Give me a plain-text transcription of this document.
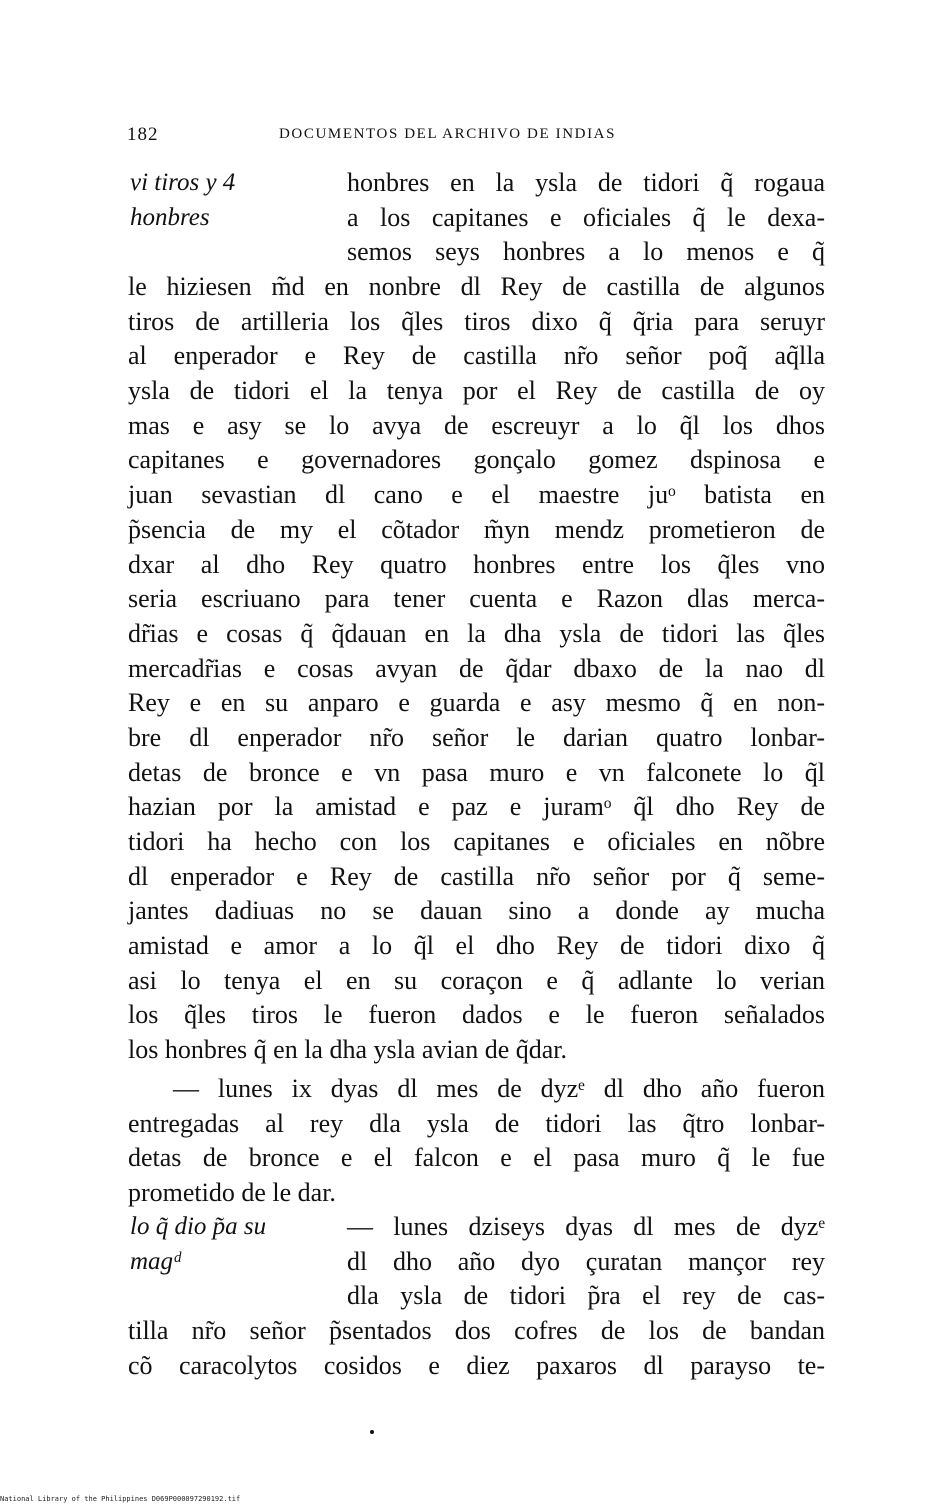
182	DOCUMENTOS DEL ARCHIVO DE INDIAS
vi tiros y 4
honbres
honbres en la ysla de tidori q̃ rogaua
a los capitanes e oficiales q̃ le dexa-
semos seys honbres a lo menos e q̃
le hiziesen m̃d en nonbre dl Rey de castilla de algunos
tiros de artilleria los q̃les tiros dixo q̃ q̃ria para seruyr
al enperador e Rey de castilla nr̃o señor poq̃ aq̃lla
ysla de tidori el la tenya por el Rey de castilla de oy
mas e asy se lo avya de escreuyr a lo q̃l los dhos
capitanes e governadores gonçalo gomez dspinosa e
juan sevastian dl cano e el maestre juᵒ batista en
p̃sencia de my el cõtador m̃yn mendz prometieron de
dxar al dho Rey quatro honbres entre los q̃les vno
seria escriuano para tener cuenta e Razon dlas merca-
dr̃ias e cosas q̃ q̃dauan en la dha ysla de tidori las q̃les
mercadr̃ias e cosas avyan de q̃dar dbaxo de la nao dl
Rey e en su anparo e guarda e asy mesmo q̃ en non-
bre dl enperador nr̃o señor le darian quatro lonbar-
detas de bronce e vn pasa muro e vn falconete lo q̃l
hazian por la amistad e paz e juramᵒ q̃l dho Rey de
tidori ha hecho con los capitanes e oficiales en nõbre
dl enperador e Rey de castilla nr̃o señor por q̃ seme-
jantes dadiuas no se dauan sino a donde ay mucha
amistad e amor a lo q̃l el dho Rey de tidori dixo q̃
asi lo tenya el en su coraçon e q̃ adlante lo verian
los q̃les tiros le fueron dados e le fueron señalados
los honbres q̃ en la dha ysla avian de q̃dar.
— lunes ix dyas dl mes de dyzᵉ dl dho año fueron
entregadas al rey dla ysla de tidori las q̃tro lonbar-
detas de bronce e el falcon e el pasa muro q̃ le fue
prometido de le dar.
lo q̃ dio p̃a su
magᵈ
— lunes dziseys dyas dl mes de dyzᵉ
dl dho año dyo çuratan mançor rey
dla ysla de tidori p̃ra el rey de cas-
tilla nr̃o señor p̃sentados dos cofres de los de bandan
cõ caracolytos cosidos e diez paxaros dl parayso te-
National Library of the Philippines D069P000097290192.tif
